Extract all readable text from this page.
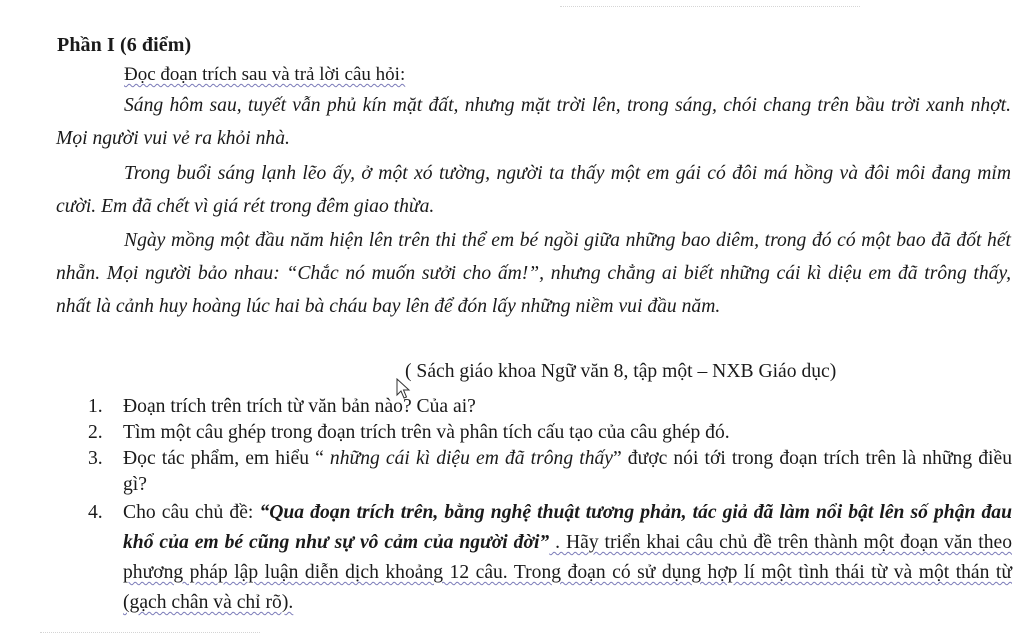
Phần I (6 điểm)
Đọc đoạn trích sau và trả lời câu hỏi:

Sáng hôm sau, tuyết vẫn phủ kín mặt đất, nhưng mặt trời lên, trong sáng, chói chang trên bầu trời xanh nhợt. Mọi người vui vẻ ra khỏi nhà.

Trong buổi sáng lạnh lẽo ấy, ở một xó tường, người ta thấy một em gái có đôi má hồng và đôi môi đang mỉm cười. Em đã chết vì giá rét trong đêm giao thừa.

Ngày mồng một đầu năm hiện lên trên thi thể em bé ngồi giữa những bao diêm, trong đó có một bao đã đốt hết nhẵn. Mọi người bảo nhau: “Chắc nó muốn sưởi cho ấm!”, nhưng chẳng ai biết những cái kì diệu em đã trông thấy, nhất là cảnh huy hoàng lúc hai bà cháu bay lên để đón lấy những niềm vui đầu năm.

( Sách giáo khoa Ngữ văn 8, tập một – NXB Giáo dục)
1. Đoạn trích trên trích từ văn bản nào? Của ai?
2. Tìm một câu ghép trong đoạn trích trên và phân tích cấu tạo của câu ghép đó.
3. Đọc tác phẩm, em hiểu “ những cái kì diệu em đã trông thấy” được nói tới trong đoạn trích trên là những điều gì?
4. Cho câu chủ đề: “Qua đoạn trích trên, bằng nghệ thuật tương phản, tác giả đã làm nổi bật lên số phận đau khổ của em bé cũng như sự vô cảm của người đời” . Hãy triển khai câu chủ đề trên thành một đoạn văn theo phương pháp lập luận diễn dịch khoảng 12 câu. Trong đoạn có sử dụng hợp lí một tình thái từ và một thán từ (gạch chân và chỉ rõ).
